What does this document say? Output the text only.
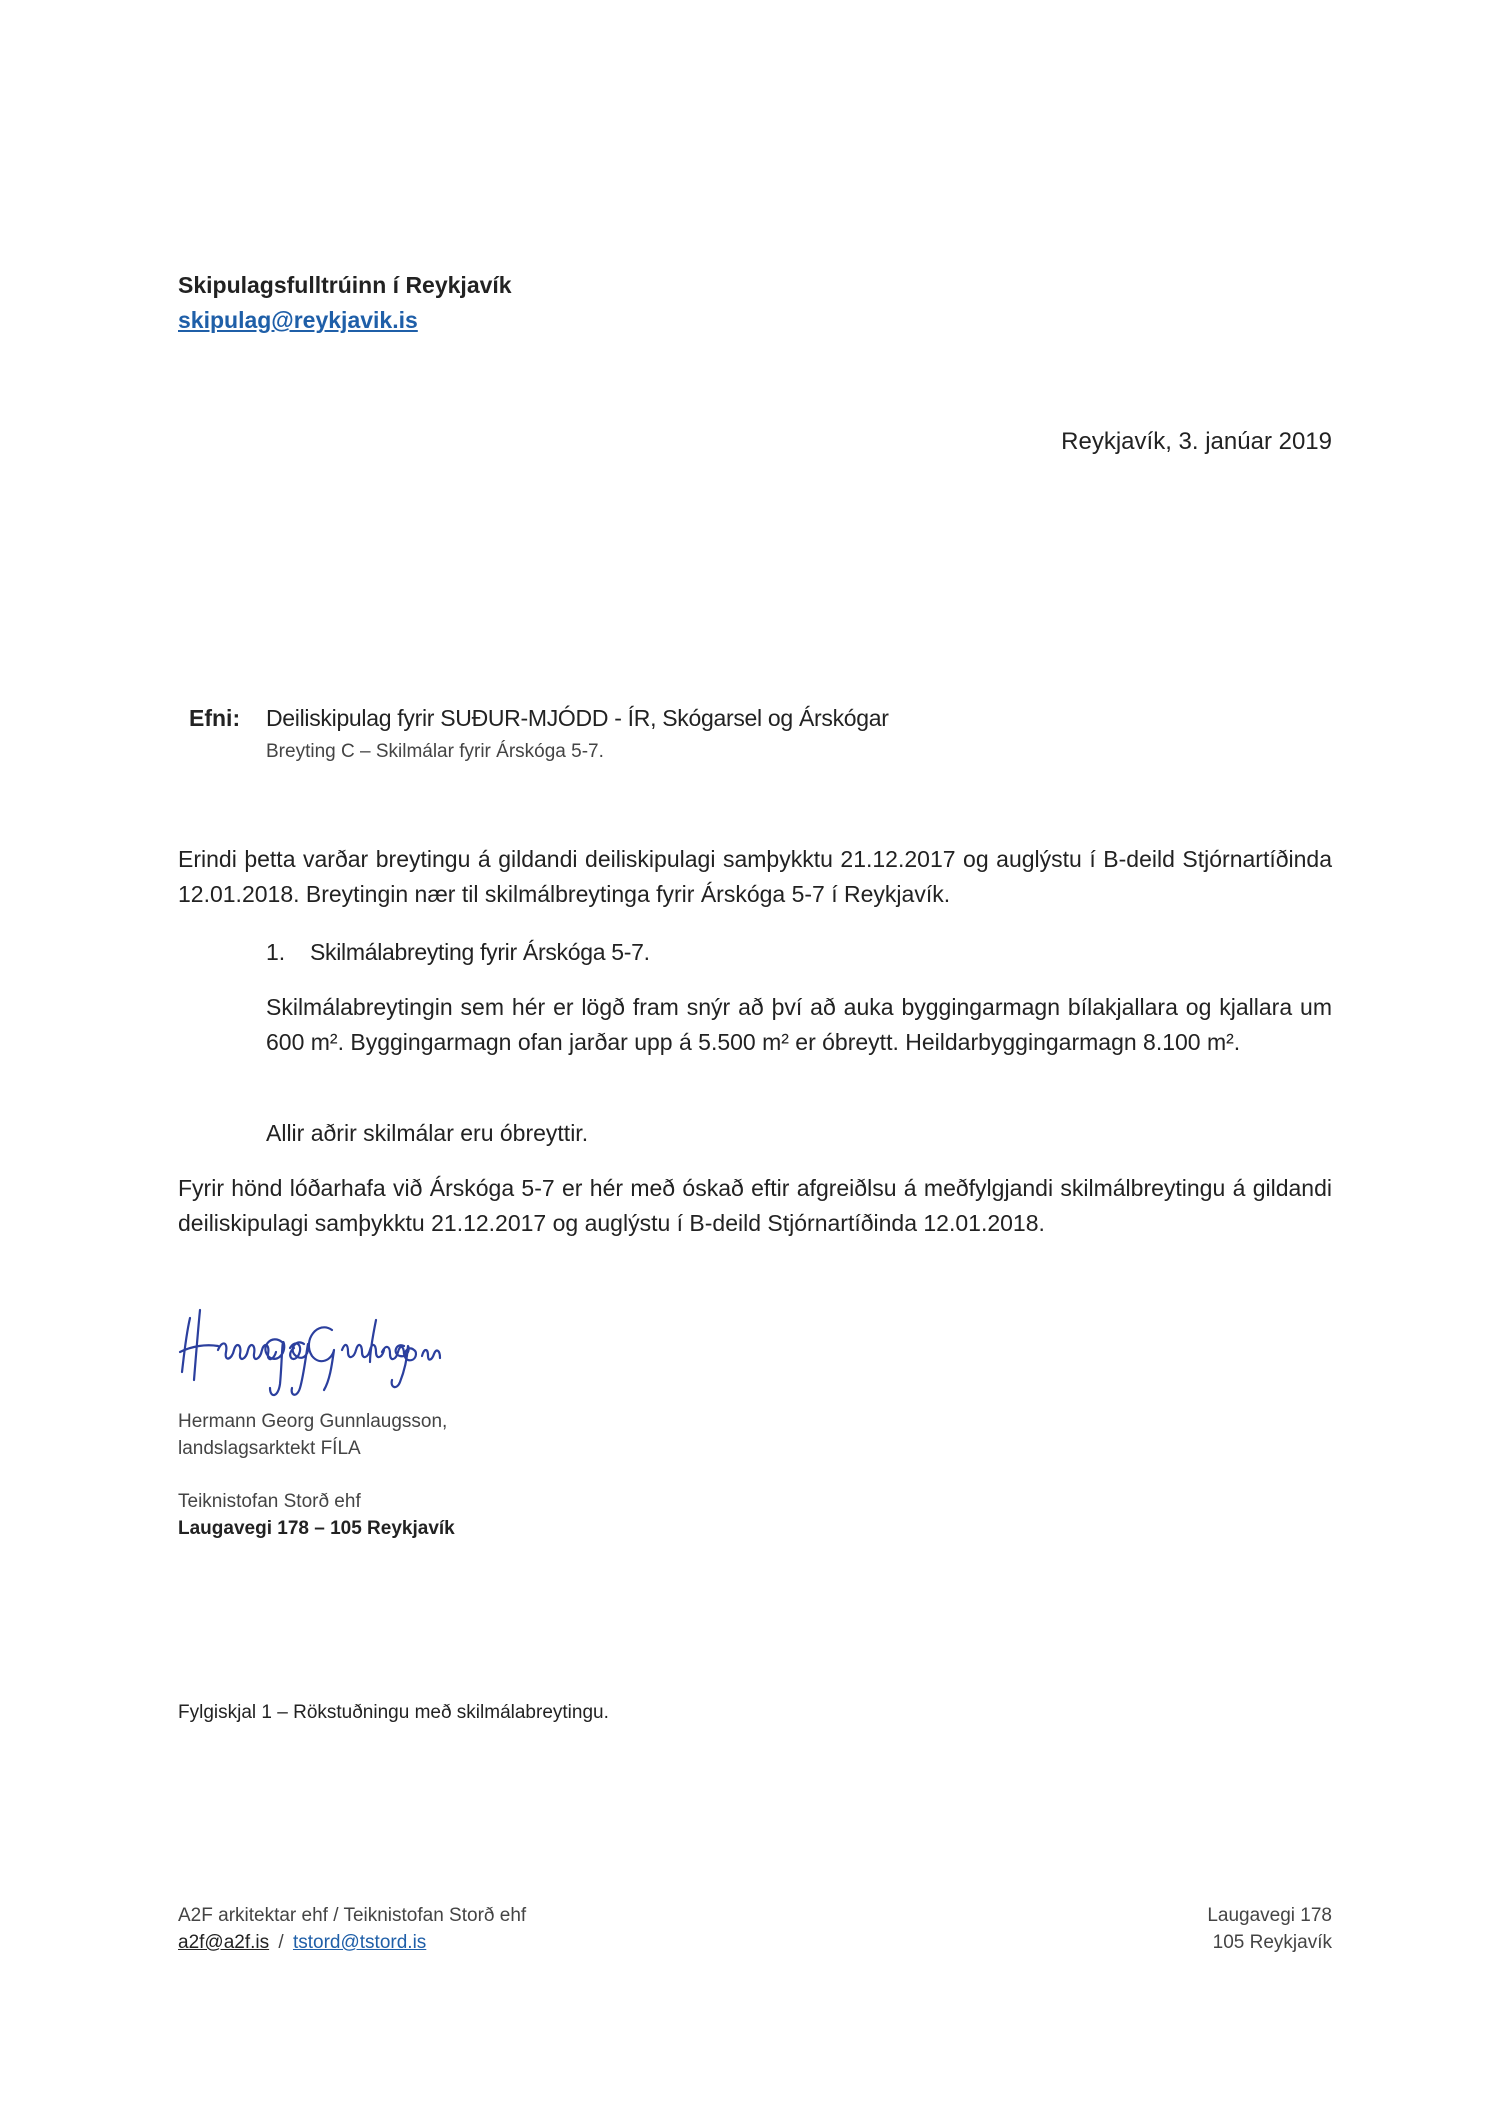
Skipulagsfulltrúinn í Reykjavík
skipulag@reykjavik.is
Reykjavík, 3. janúar 2019
Efni: Deiliskipulag fyrir SUÐUR-MJÓDD - ÍR, Skógarsel og Árskógar
Breyting C – Skilmálar fyrir Árskóga 5-7.
Erindi þetta varðar breytingu á gildandi deiliskipulagi samþykktu 21.12.2017 og auglýstu í B-deild Stjórnartíðinda 12.01.2018. Breytingin nær til skilmálbreytinga fyrir Árskóga 5-7 í Reykjavík.
1. Skilmálabreyting fyrir Árskóga 5-7.
Skilmálabreytingin sem hér er lögð fram snýr að því að auka byggingarmagn bílakjallara og kjallara um 600 m². Byggingarmagn ofan jarðar upp á 5.500 m² er óbreytt. Heildarbyggingarmagn 8.100 m².
Allir aðrir skilmálar eru óbreyttir.
Fyrir hönd lóðarhafa við Árskóga 5-7 er hér með óskað eftir afgreiðlsu á meðfylgjandi skilmálbreytingu á gildandi deiliskipulagi samþykktu 21.12.2017 og auglýstu í B-deild Stjórnartíðinda 12.01.2018.
Hermann Georg Gunnlaugsson,
landslagsarktekt FÍLA
Teiknistofan Storð ehf
Laugavegi 178 – 105 Reykjavík
Fylgiskjal 1 – Rökstuðningu með skilmálabreytingu.
A2F arkitektar ehf / Teiknistofan Storð ehf
a2f@a2f.is / tstord@tstord.is
Laugavegi 178
105 Reykjavík
